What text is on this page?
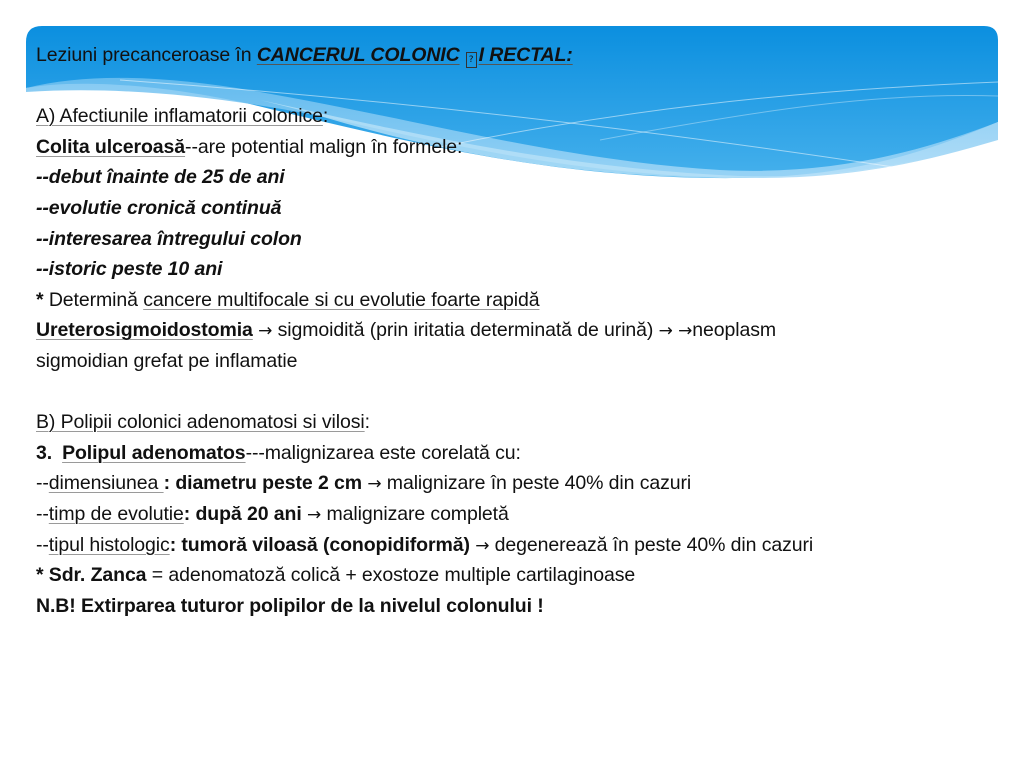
Leziuni precanceroase în CANCERUL COLONIC ? I RECTAL:
A) Afectiunile inflamatorii colonice:
Colita ulceroasă--are potential malign în formele:
--debut înainte de 25 de ani
--evolutie cronică continuă
--interesarea întregului colon
--istoric peste 10 ani
* Determină cancere multifocale si cu evolutie foarte rapidă
Ureterosigmoidostomia → sigmoidită (prin iritatia determinată de urină) → →neoplasm
sigmoidian grefat pe inflamatie
B) Polipii colonici adenomatosi si vilosi:
3. Polipul adenomatos---malignizarea este corelată cu:
--dimensiunea : diametru peste 2 cm → malignizare în peste 40% din cazuri
--timp de evolutie: după 20 ani → malignizare completă
--tipul histologic: tumoră viloasă (conopidiformă) → degenerează în peste 40% din cazuri
* Sdr. Zanca = adenomatoză colică + exostoze multiple cartilaginoase
N.B! Extirparea tuturor polipilor de la nivelul colonului !
